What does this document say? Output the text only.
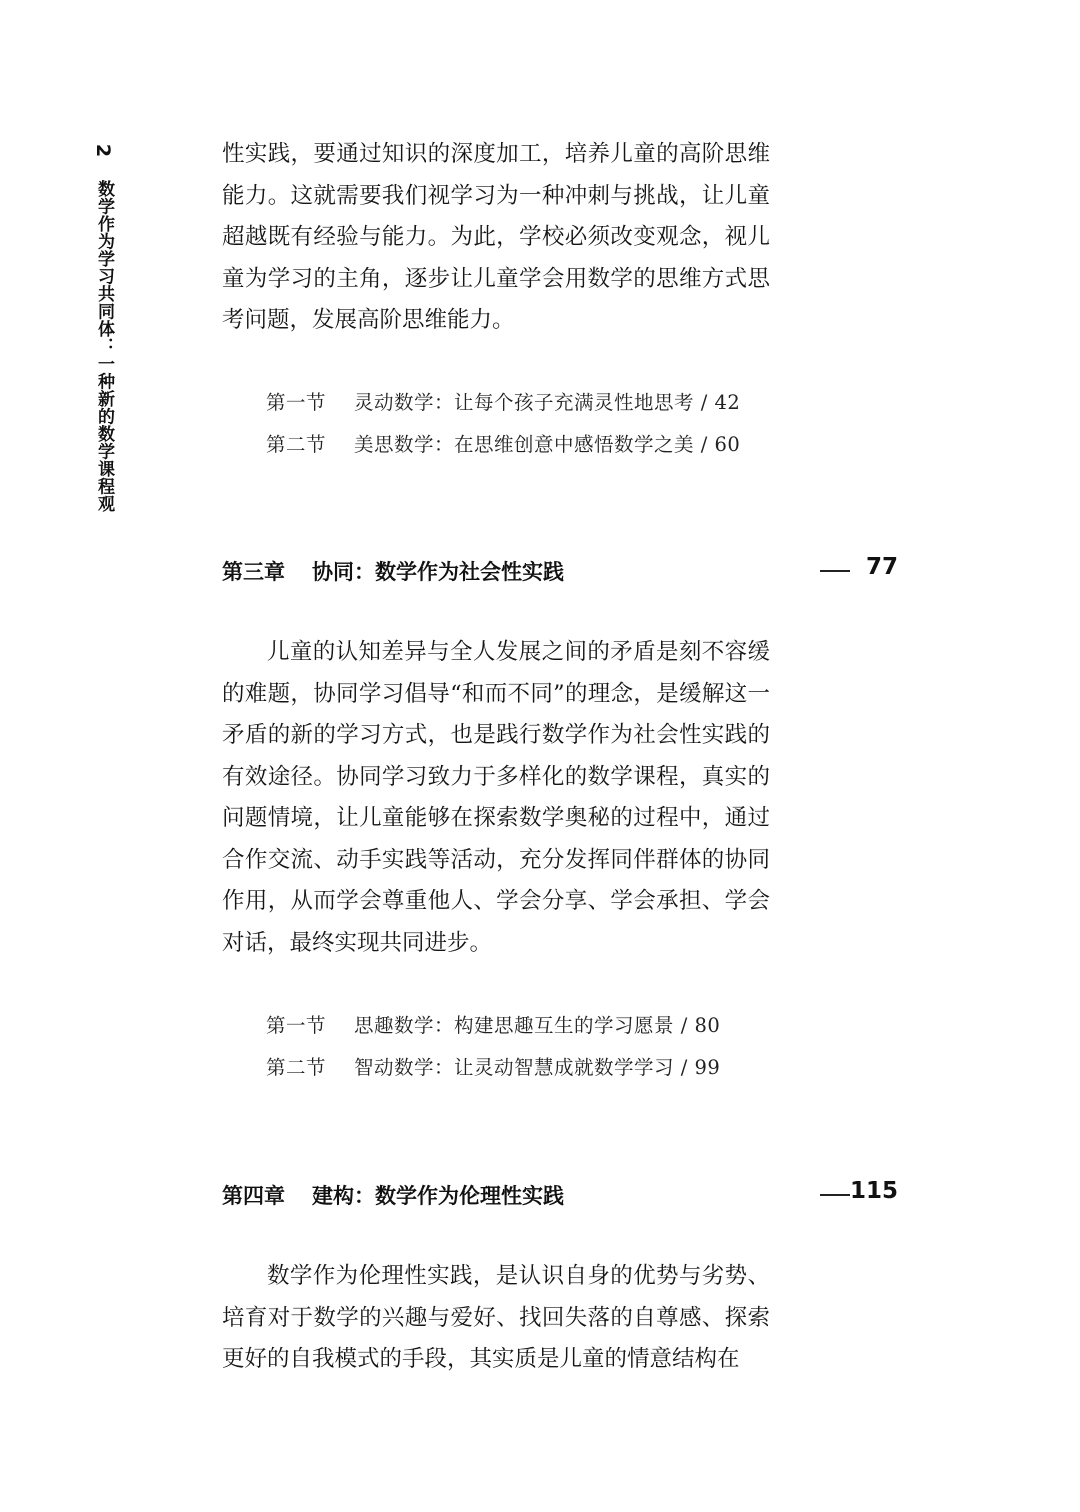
2
数学作为学习共同体：一种新的数学课程观

性实践，要通过知识的深度加工，培养儿童的高阶思维能力。这就需要我们视学习为一种冲刺与挑战，让儿童超越既有经验与能力。为此，学校必须改变观念，视儿童为学习的主角，逐步让儿童学会用数学的思维方式思考问题，发展高阶思维能力。

第一节 灵动数学：让每个孩子充满灵性地思考 / 42
第二节 美思数学：在思维创意中感悟数学之美 / 60
第三章 协同：数学作为社会性实践	77

儿童的认知差异与全人发展之间的矛盾是刻不容缓的难题，协同学习倡导“和而不同”的理念，是缓解这一矛盾的新的学习方式，也是践行数学作为社会性实践的有效途径。协同学习致力于多样化的数学课程，真实的问题情境，让儿童能够在探索数学奥秘的过程中，通过合作交流、动手实践等活动，充分发挥同伴群体的协同作用，从而学会尊重他人、学会分享、学会承担、学会对话，最终实现共同进步。

第一节 思趣数学：构建思趣互生的学习愿景 / 80
第二节 智动数学：让灵动智慧成就数学学习 / 99
第四章 建构：数学作为伦理性实践	115

数学作为伦理性实践，是认识自身的优势与劣势、培育对于数学的兴趣与爱好、找回失落的自尊感、探索更好的自我模式的手段，其实质是儿童的情意结构在
